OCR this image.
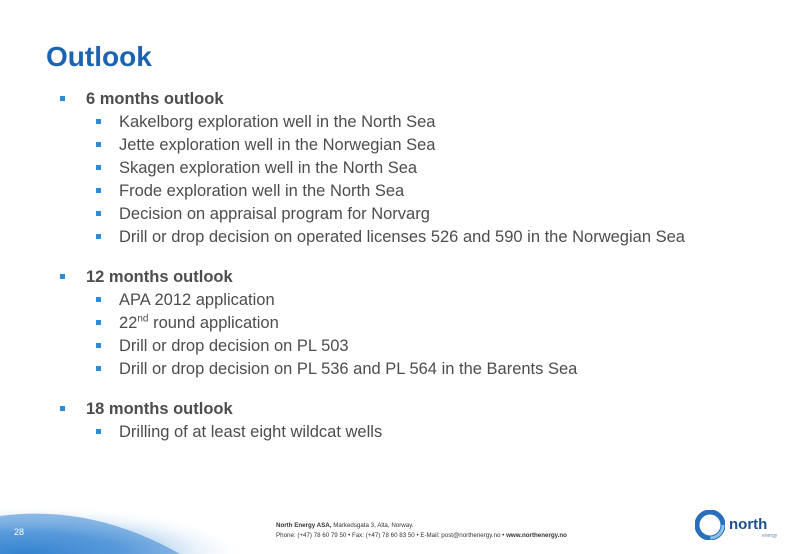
Outlook
6 months outlook
Kakelborg exploration well in the North Sea
Jette exploration well in the Norwegian Sea
Skagen exploration well in the North Sea
Frode exploration well in the North Sea
Decision on appraisal program for Norvarg
Drill or drop decision on operated licenses 526 and 590 in the Norwegian Sea
12 months outlook
APA 2012 application
22nd round application
Drill or drop decision on PL 503
Drill or drop decision on PL 536 and PL 564 in the Barents Sea
18 months outlook
Drilling of at least eight wildcat wells
28
North Energy ASA, Markedsgata 3, Alta, Norway.
Phone: (+47) 78 60 79 50 • Fax: (+47) 78 60 83 50 • E-Mail: post@northenergy.no • www.northenergy.no
north
energy
